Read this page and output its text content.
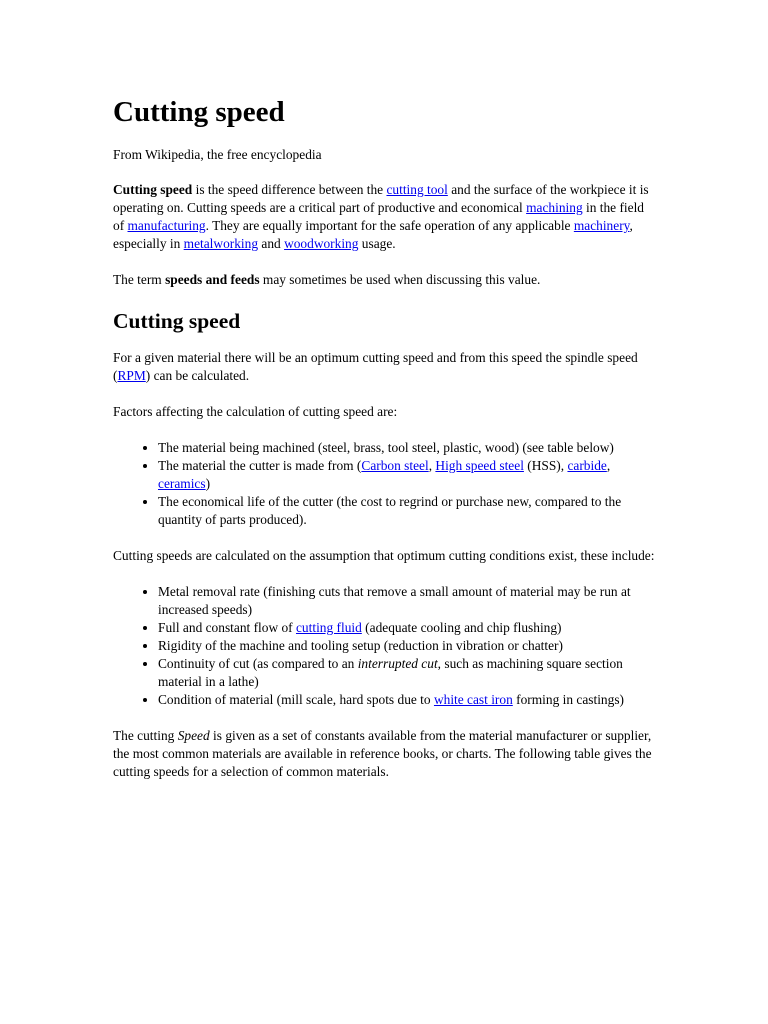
Cutting speed

From Wikipedia, the free encyclopedia

Cutting speed is the speed difference between the cutting tool and the surface of the workpiece it is operating on. Cutting speeds are a critical part of productive and economical machining in the field of manufacturing. They are equally important for the safe operation of any applicable machinery, especially in metalworking and woodworking usage.

The term speeds and feeds may sometimes be used when discussing this value.

Cutting speed

For a given material there will be an optimum cutting speed and from this speed the spindle speed (RPM) can be calculated.

Factors affecting the calculation of cutting speed are:

• The material being machined (steel, brass, tool steel, plastic, wood) (see table below)
• The material the cutter is made from (Carbon steel, High speed steel (HSS), carbide, ceramics)
• The economical life of the cutter (the cost to regrind or purchase new, compared to the quantity of parts produced).

Cutting speeds are calculated on the assumption that optimum cutting conditions exist, these include:

• Metal removal rate (finishing cuts that remove a small amount of material may be run at increased speeds)
• Full and constant flow of cutting fluid (adequate cooling and chip flushing)
• Rigidity of the machine and tooling setup (reduction in vibration or chatter)
• Continuity of cut (as compared to an interrupted cut, such as machining square section material in a lathe)
• Condition of material (mill scale, hard spots due to white cast iron forming in castings)

The cutting Speed is given as a set of constants available from the material manufacturer or supplier, the most common materials are available in reference books, or charts. The following table gives the cutting speeds for a selection of common materials.
